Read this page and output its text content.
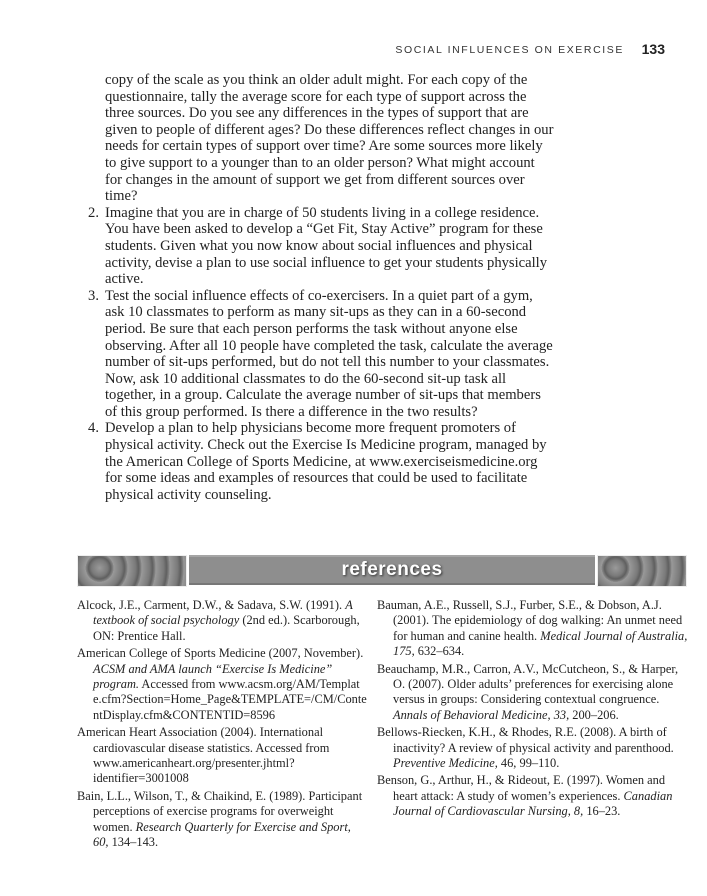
SOCIAL INFLUENCES ON EXERCISE 133

copy of the scale as you think an older adult might. For each copy of the questionnaire, tally the average score for each type of support across the three sources. Do you see any differences in the types of support that are given to people of different ages? Do these differences reflect changes in our needs for certain types of support over time? Are some sources more likely to give support to a younger than to an older person? What might account for changes in the amount of support we get from different sources over time?

2. Imagine that you are in charge of 50 students living in a college residence. You have been asked to develop a “Get Fit, Stay Active” program for these students. Given what you now know about social influences and physical activity, devise a plan to use social influence to get your students physically active.
3. Test the social influence effects of co-exercisers. In a quiet part of a gym, ask 10 classmates to perform as many sit-ups as they can in a 60-second period. Be sure that each person performs the task without anyone else observing. After all 10 people have completed the task, calculate the average number of sit-ups performed, but do not tell this number to your classmates. Now, ask 10 additional classmates to do the 60-second sit-up task all together, in a group. Calculate the average number of sit-ups that members of this group performed. Is there a difference in the two results?
4. Develop a plan to help physicians become more frequent promoters of physical activity. Check out the Exercise Is Medicine program, managed by the American College of Sports Medicine, at www.exerciseismedicine.org for some ideas and examples of resources that could be used to facilitate physical activity counseling.
references
Alcock, J.E., Carment, D.W., & Sadava, S.W. (1991). A textbook of social psychology (2nd ed.). Scarborough, ON: Prentice Hall.
American College of Sports Medicine (2007, November). ACSM and AMA launch “Exercise Is Medicine” program. Accessed from www.acsm.org/AM/Template.cfm?Section=Home_Page&TEMPLATE=/CM/ContentDisplay.cfm&CONTENTID=8596
American Heart Association (2004). International cardiovascular disease statistics. Accessed from www.americanheart.org/presenter.jhtml?identifier=3001008
Bain, L.L., Wilson, T., & Chaikind, E. (1989). Participant perceptions of exercise programs for overweight women. Research Quarterly for Exercise and Sport, 60, 134–143.
Bauman, A.E., Russell, S.J., Furber, S.E., & Dobson, A.J. (2001). The epidemiology of dog walking: An unmet need for human and canine health. Medical Journal of Australia, 175, 632–634.
Beauchamp, M.R., Carron, A.V., McCutcheon, S., & Harper, O. (2007). Older adults’ preferences for exercising alone versus in groups: Considering contextual congruence. Annals of Behavioral Medicine, 33, 200–206.
Bellows-Riecken, K.H., & Rhodes, R.E. (2008). A birth of inactivity? A review of physical activity and parenthood. Preventive Medicine, 46, 99–110.
Benson, G., Arthur, H., & Rideout, E. (1997). Women and heart attack: A study of women’s experiences. Canadian Journal of Cardiovascular Nursing, 8, 16–23.
